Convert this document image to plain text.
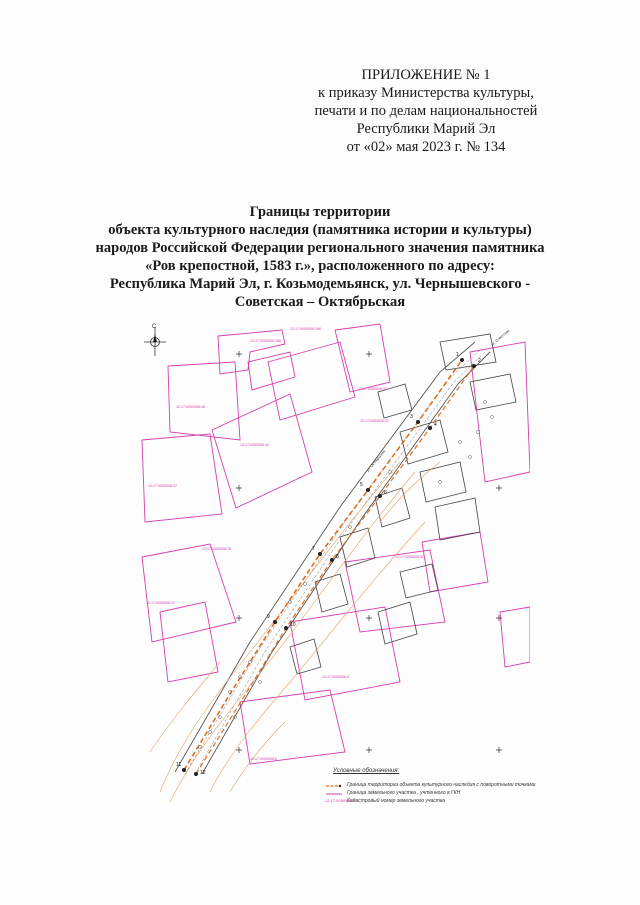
ПРИЛОЖЕНИЕ № 1
к приказу Министерства культуры,
печати и по делам национальностей
Республики Марий Эл
от «02» мая 2023 г. № 134
Границы территории
объекта культурного наследия (памятника истории и культуры)
народов Российской Федерации регионального значения памятника
«Ров крепостной, 1583 г.», расположенного по адресу:
Республика Марий Эл, г. Козьмодемьянск, ул. Чернышевского -
Советская – Октябрьская
С	12:17:0050506:196
12:17:0050506:286
12:17:0050506:48
12:17:0050506:40
12:17:0050506:47
12:17:0050506:37
12:17:0050506:51
12:17:0050506:78
12:17:0050506:57
12:17:0050506:22
12:17:0050506:5
12:17:0050506:6
ул. Советская
ул. Октябрьская
1
2
3
4
5
6
7
8
9
10
11
12	Условные обозначения:
Граница территории объекта культурного наследия с поворотными точками
Граница земельного участка , учтенного в ГКН
12:17:0050506:5
Кадастровый номер земельного участка
